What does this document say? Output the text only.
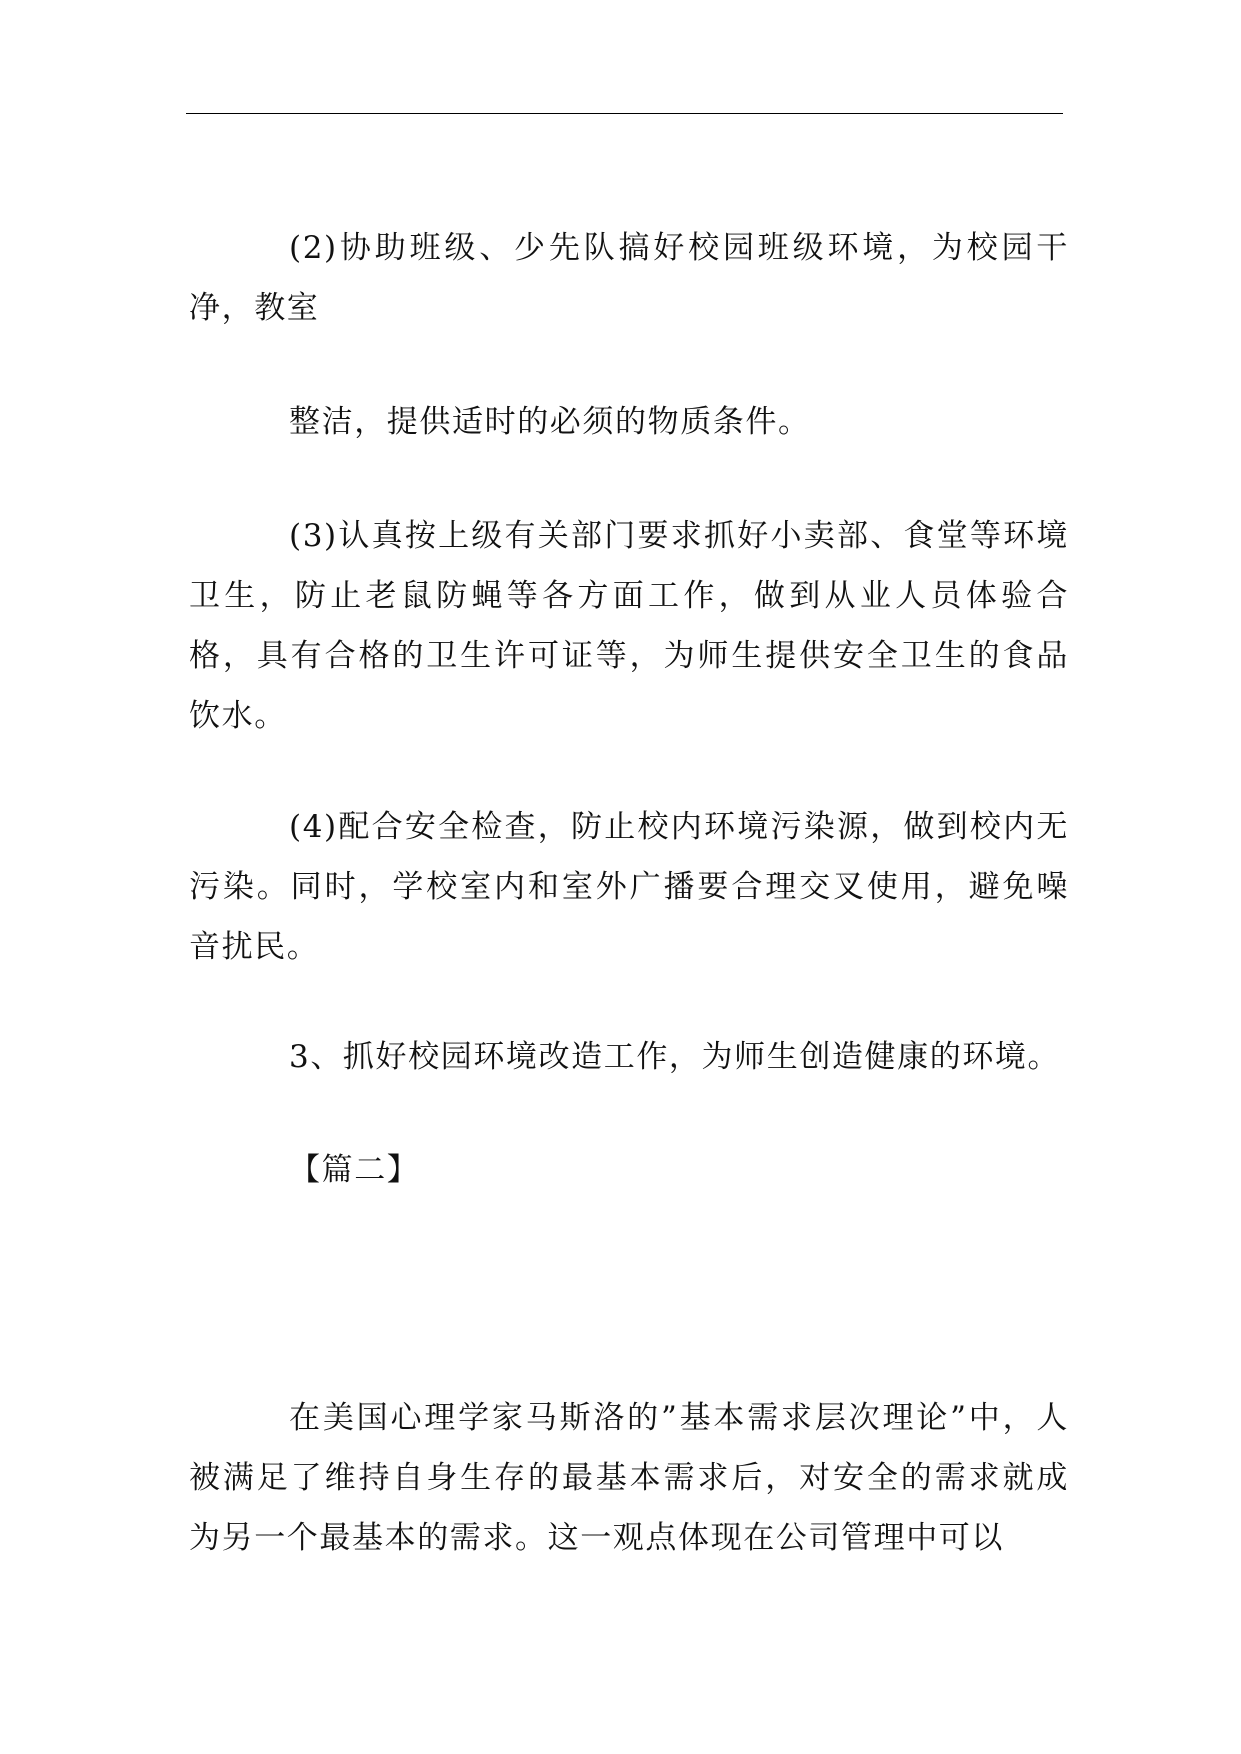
(2)协助班级、少先队搞好校园班级环境，为校园干净，教室

整洁，提供适时的必须的物质条件。

(3)认真按上级有关部门要求抓好小卖部、食堂等环境卫生，防止老鼠防蝇等各方面工作，做到从业人员体验合格，具有合格的卫生许可证等，为师生提供安全卫生的食品饮水。

(4)配合安全检查，防止校内环境污染源，做到校内无污染。同时，学校室内和室外广播要合理交叉使用，避免噪音扰民。

3、抓好校园环境改造工作，为师生创造健康的环境。

【篇二】

在美国心理学家马斯洛的”基本需求层次理论”中，人被满足了维持自身生存的最基本需求后，对安全的需求就成为另一个最基本的需求。这一观点体现在公司管理中可以
